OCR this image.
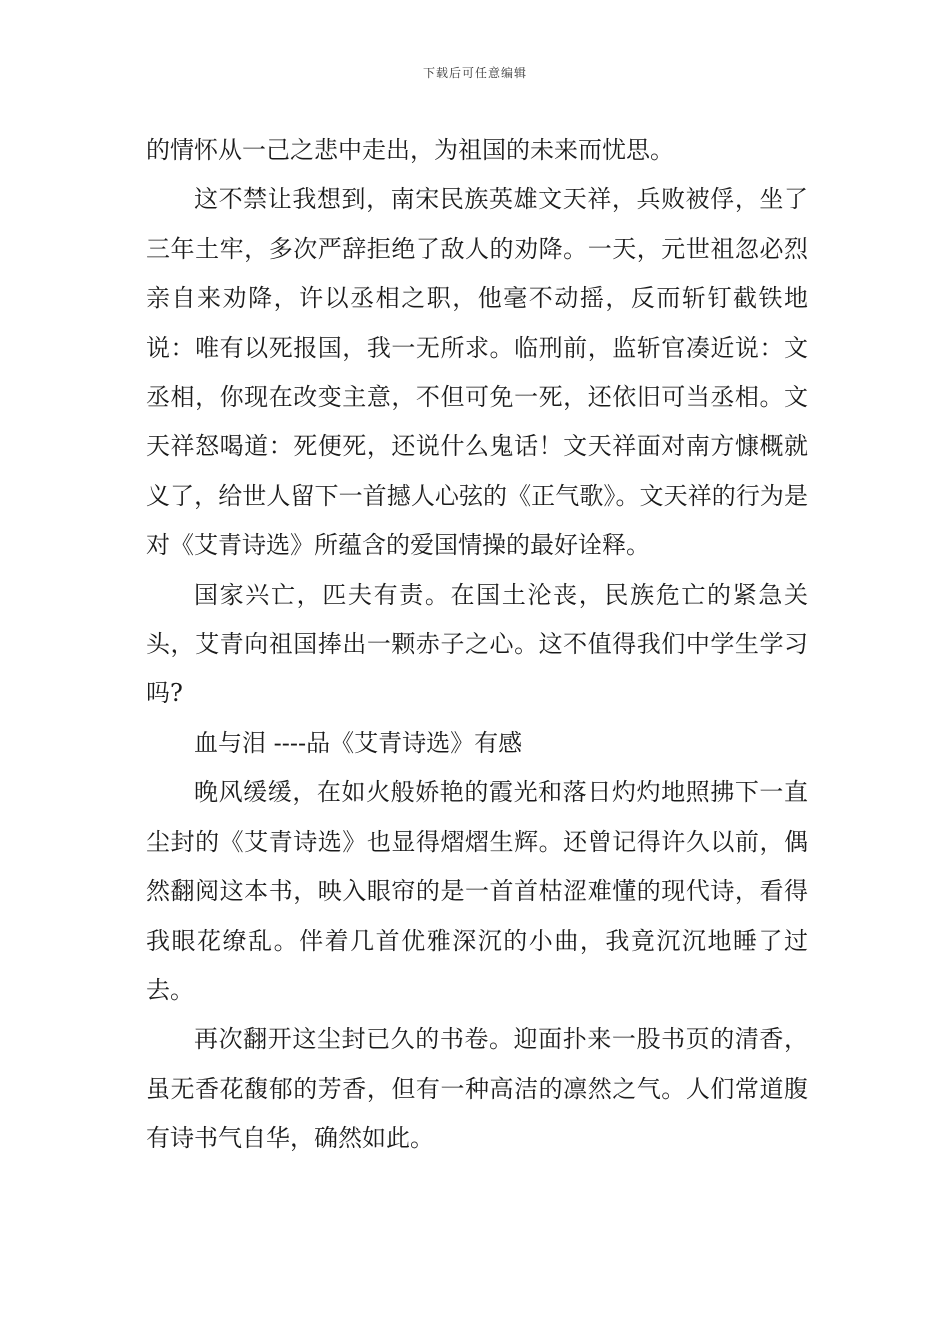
下载后可任意编辑

的情怀从一己之悲中走出，为祖国的未来而忧思。

这不禁让我想到，南宋民族英雄文天祥，兵败被俘，坐了三年土牢，多次严辞拒绝了敌人的劝降。一天，元世祖忽必烈亲自来劝降，许以丞相之职，他毫不动摇，反而斩钉截铁地说：唯有以死报国，我一无所求。临刑前，监斩官凑近说：文丞相，你现在改变主意，不但可免一死，还依旧可当丞相。文天祥怒喝道：死便死，还说什么鬼话！文天祥面对南方慷概就义了，给世人留下一首撼人心弦的《正气歌》。文天祥的行为是对《艾青诗选》所蕴含的爱国情操的最好诠释。

国家兴亡，匹夫有责。在国土沦丧，民族危亡的紧急关头，艾青向祖国捧出一颗赤子之心。这不值得我们中学生学习吗?

血与泪 ----品《艾青诗选》有感

晚风缓缓，在如火般娇艳的霞光和落日灼灼地照拂下一直尘封的《艾青诗选》也显得熠熠生辉。还曾记得许久以前，偶然翻阅这本书，映入眼帘的是一首首枯涩难懂的现代诗，看得我眼花缭乱。伴着几首优雅深沉的小曲，我竟沉沉地睡了过去。

再次翻开这尘封已久的书卷。迎面扑来一股书页的清香，虽无香花馥郁的芳香，但有一种高洁的凛然之气。人们常道腹有诗书气自华，确然如此。
